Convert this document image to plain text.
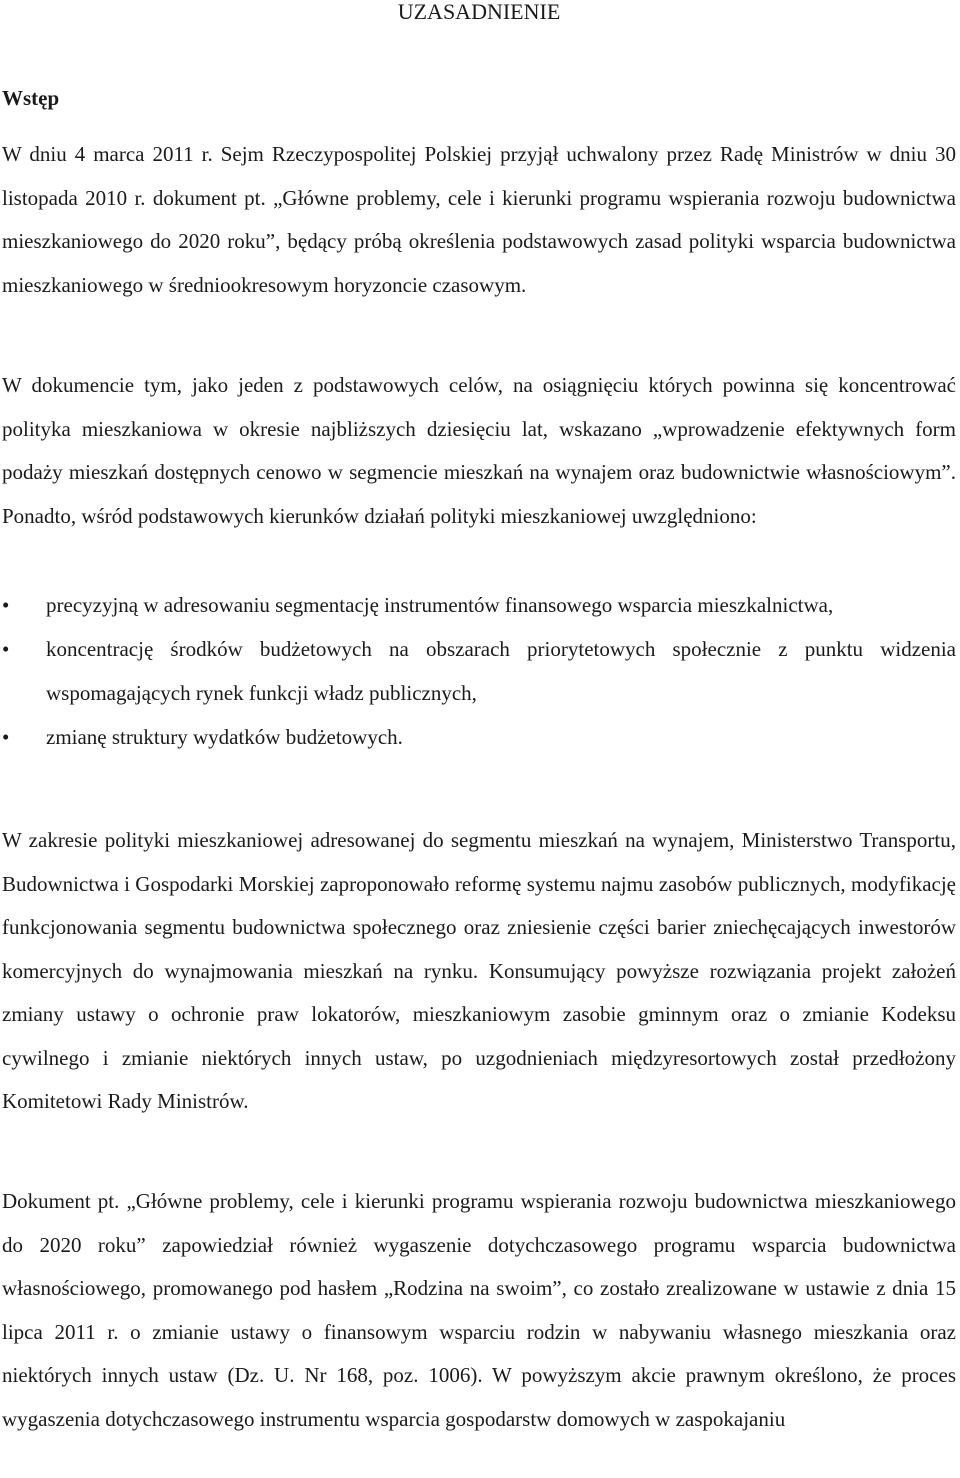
UZASADNIENIE
Wstęp

W dniu 4 marca 2011 r. Sejm Rzeczypospolitej Polskiej przyjął uchwalony przez Radę Ministrów w dniu 30 listopada 2010 r. dokument pt. „Główne problemy, cele i kierunki programu wspierania rozwoju budownictwa mieszkaniowego do 2020 roku”, będący próbą określenia podstawowych zasad polityki wsparcia budownictwa mieszkaniowego w średniookresowym horyzoncie czasowym.

W dokumencie tym, jako jeden z podstawowych celów, na osiągnięciu których powinna się koncentrować polityka mieszkaniowa w okresie najbliższych dziesięciu lat, wskazano „wprowadzenie efektywnych form podaży mieszkań dostępnych cenowo w segmencie mieszkań na wynajem oraz budownictwie własnościowym”. Ponadto, wśród podstawowych kierunków działań polityki mieszkaniowej uwzględniono:

•	precyzyjną w adresowaniu segmentację instrumentów finansowego wsparcia mieszkalnictwa,
•	koncentrację środków budżetowych na obszarach priorytetowych społecznie z punktu widzenia wspomagających rynek funkcji władz publicznych,
•	zmianę struktury wydatków budżetowych.

W zakresie polityki mieszkaniowej adresowanej do segmentu mieszkań na wynajem, Ministerstwo Transportu, Budownictwa i Gospodarki Morskiej zaproponowało reformę systemu najmu zasobów publicznych, modyfikację funkcjonowania segmentu budownictwa społecznego oraz zniesienie części barier zniechęcających inwestorów komercyjnych do wynajmowania mieszkań na rynku. Konsumujący powyższe rozwiązania projekt założeń zmiany ustawy o ochronie praw lokatorów, mieszkaniowym zasobie gminnym oraz o zmianie Kodeksu cywilnego i zmianie niektórych innych ustaw, po uzgodnieniach międzyresortowych został przedłożony Komitetowi Rady Ministrów.

Dokument pt. „Główne problemy, cele i kierunki programu wspierania rozwoju budownictwa mieszkaniowego do 2020 roku” zapowiedział również wygaszenie dotychczasowego programu wsparcia budownictwa własnościowego, promowanego pod hasłem „Rodzina na swoim”, co zostało zrealizowane w ustawie z dnia 15 lipca 2011 r. o zmianie ustawy o finansowym wsparciu rodzin w nabywaniu własnego mieszkania oraz niektórych innych ustaw (Dz. U. Nr 168, poz. 1006). W powyższym akcie prawnym określono, że proces wygaszenia dotychczasowego instrumentu wsparcia gospodarstw domowych w zaspokajaniu
